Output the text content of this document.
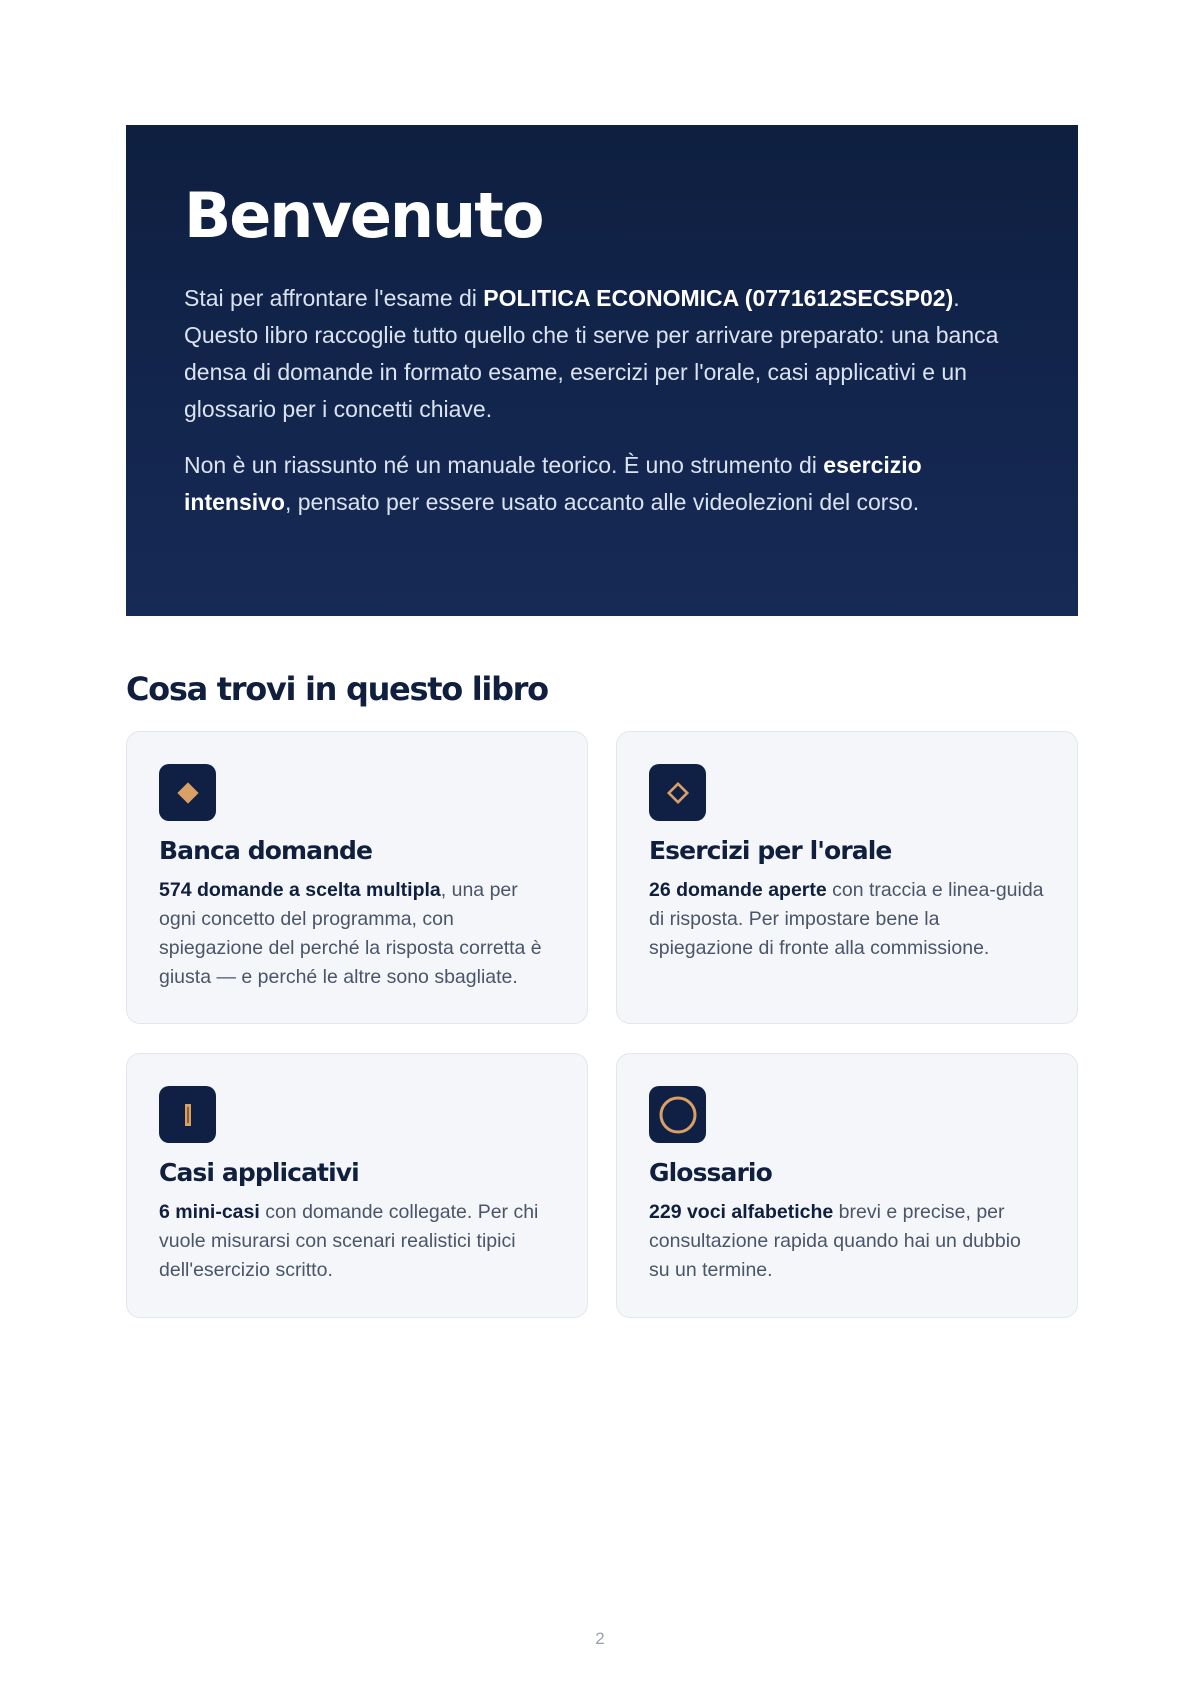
Benvenuto

Stai per affrontare l'esame di POLITICA ECONOMICA (0771612SECSP02). Questo libro raccoglie tutto quello che ti serve per arrivare preparato: una banca densa di domande in formato esame, esercizi per l'orale, casi applicativi e un glossario per i concetti chiave.

Non è un riassunto né un manuale teorico. È uno strumento di esercizio intensivo, pensato per essere usato accanto alle videolezioni del corso.

Cosa trovi in questo libro
Banca domande

574 domande a scelta multipla, una per ogni concetto del programma, con spiegazione del perché la risposta corretta è giusta — e perché le altre sono sbagliate.

Esercizi per l'orale

26 domande aperte con traccia e linea-guida di risposta. Per impostare bene la spiegazione di fronte alla commissione.

Casi applicativi

6 mini-casi con domande collegate. Per chi vuole misurarsi con scenari realistici tipici dell'esercizio scritto.

Glossario

229 voci alfabetiche brevi e precise, per consultazione rapida quando hai un dubbio su un termine.

2
